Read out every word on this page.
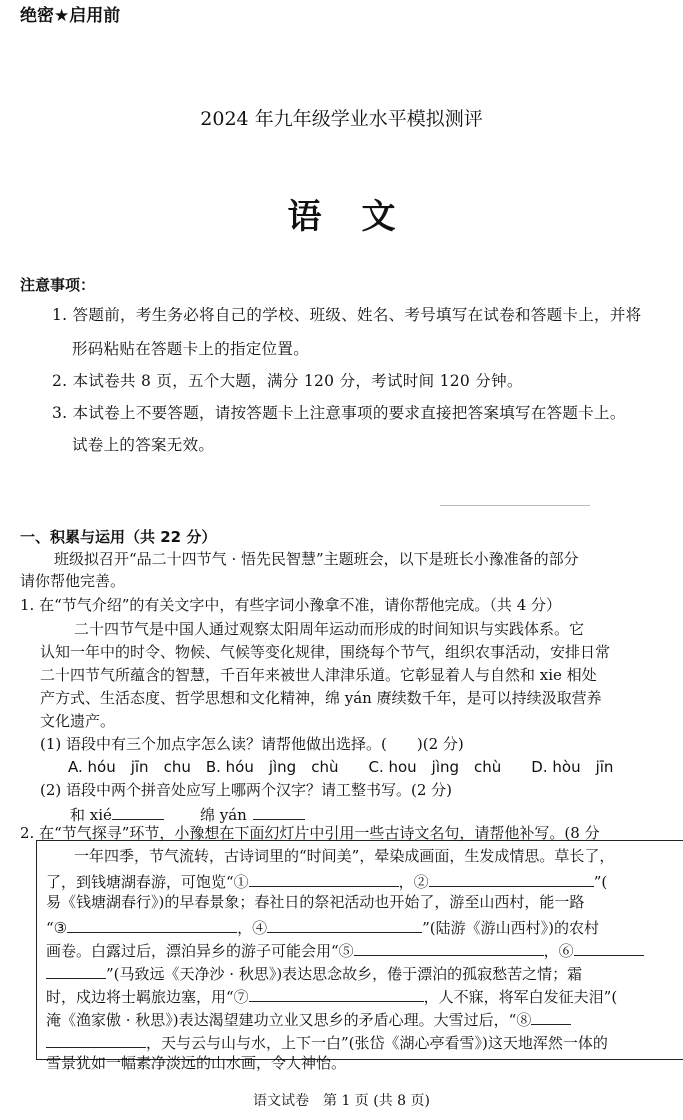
绝密★启用前
2024 年九年级学业水平模拟测评
语文
注意事项：
1. 答题前，考生务必将自己的学校、班级、姓名、考号填写在试卷和答题卡上，并将
形码粘贴在答题卡上的指定位置。
2. 本试卷共 8 页，五个大题，满分 120 分，考试时间 120 分钟。
3. 本试卷上不要答题，请按答题卡上注意事项的要求直接把答案填写在答题卡上。
试卷上的答案无效。
一、积累与运用（共 22 分）
班级拟召开“品二十四节气 · 悟先民智慧”主题班会，以下是班长小豫准备的部分
请你帮他完善。
1. 在“节气介绍”的有关文字中，有些字词小豫拿不准，请你帮他完成。（共 4 分）
二十四节气是中国人通过观察太阳周年运动而形成的时间知识与实践体系。它
认知一年中的时令、物候、气候等变化规律，围绕每个节气，组织农事活动，安排日常
二十四节气所蕴含的智慧，千百年来被世人津津乐道。它彰显着人与自然和 xie 相处
产方式、生活态度、哲学思想和文化精神，绵 yán 赓续数千年，是可以持续汲取营养
文化遗产。
(1) 语段中有三个加点字怎么读？请帮他做出选择。(　　)(2 分)
A. hóu　jīn　chu　B. hóu　jìng　chù　　C. hou　jìng　chù　　D. hòu　jīn
(2) 语段中两个拼音处应写上哪两个汉字？请工整书写。(2 分)
和 xié	绵 yán
2. 在“节气探寻”环节，小豫想在下面幻灯片中引用一些古诗文名句，请帮他补写。(8 分
一年四季，节气流转，古诗词里的“时间美”，晕染成画面，生发成情思。草长了，
了，到钱塘湖春游，可饱览“①	，②	”(
易《钱塘湖春行》)的早春景象；春社日的祭祀活动也开始了，游至山西村，能一路
“③	，④	”(陆游《游山西村》)的农村
画卷。白露过后，漂泊异乡的游子可能会用“⑤	，⑥
”(马致远《天净沙 · 秋思》)表达思念故乡，倦于漂泊的孤寂愁苦之情；霜
时，戍边将士羁旅边塞，用“⑦	，人不寐，将军白发征夫泪”(
淹《渔家傲 · 秋思》)表达渴望建功立业又思乡的矛盾心理。大雪过后，“⑧
，天与云与山与水，上下一白”(张岱《湖心亭看雪》)这天地浑然一体的
雪景犹如一幅素净淡远的山水画，令人神怡。
语文试卷　第 1 页 (共 8 页)
